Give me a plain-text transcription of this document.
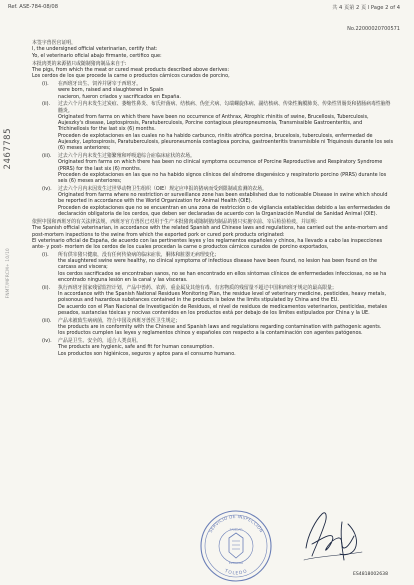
Ref. ASE-784-08/08	共 4 页第 2 页 l Page 2 of 4
No.22000020700571
2467785
FNMT/MFRCM+ 10/10

本签字兽医官证明，

I, the undersigned official veterinarian, certify that:

Yo, el veterinario oficial abajo firmante, certifico que:

本批肉类的来源猪只或随制猪肉制品来自于:

The pigs, from which the meat or cured meat products described above derives:

Los cerdos de los que procede la carne o productos cárnicos curados de porcino,

(i). 在西班牙出生、饲养并屠宰于西班牙。

were born, raised and slaughtered in Spain

nacieron, fueron criados y sacrificados en España.

(ii). 过去六个月内未发生过炭疽、萎缩性鼻炎、布氏杆菌病、结核病、伪狂犬病、勾端螺旋体病、副结核病、传染性胸膜肺炎、传染性胃肠炎和猪肠病毒性脑脊髓炎。

Originated from farms on which there have been no occurrence of Anthrax, Atrophic rhinitis of swine, Brucellosis, Tuberculosis, Aujeszky's disease, Leptospirosis, Paratuberculosis, Porcine contagious pleuropneumonia, Transmissible Gastroenteritis, and Trichinellosis for the last six (6) months.

Proceden de explotaciones en las cuales no ha habido carbunco, rinitis atrófica porcina, brucelosis, tuberculosis, enfermedad de Aujeszky, Leptospirosis, Paratuberculosis, pleuroneumonía contagiosa porcina, gastroenteritis transmisible ni Triquinosis durante los seis (6) meses anteriores;

(iii). 过去六个月内未发生过猪繁殖和呼吸道综合症临床症状的农场。

Originated from farms on which there has been no clinical symptoms occurrence of Porcine Reproductive and Respiratory Syndrome (PRRS) for the last six (6) months.

Proceden de explotaciones en las que no ha habido signos clínicos del síndrome disgenésico y respiratorio porcino (PRRS) durante los seis (6) meses anteriores;

(iv). 过去六个月内未因发生过世界动物卫生组织（OIE）规定应申报的猪病而受到限制或监测的农场。

Originated from farms where no restriction or surveillance zone has been established due to noticeable Disease in swine which should be reported in accordance with the World Organization for Animal Health (OIE).

Proceden de explotaciones que no se encuentran en una zona de restricción o de vigilancia establecidas debido a las enfermedades de declaración obligatoria de los cerdos, que deben ser declaradas de acuerdo con la Organización Mundial de Sanidad Animal (OIE).

依照中国和西班牙的有关法律法规，西班牙官方兽医已对用于生产本批猪肉或随制猪肉制品的猪只实施宰前、宰后检验检疫，并证明：

The Spanish official veterinarian, in accordance with the related Spanish and Chinese laws and regulations, has carried out the ante-mortem and post-mortem inspections to the swine from which the exported pork or cured pork products originated:

El veterinario oficial de España, de acuerdo con las pertinentes leyes y los reglamentos españoles y chinos, ha llevado a cabo las inspecciones ante- y post- mortem de los cerdos de los cuales procedan la carne o productos cárnicos curados de porcino exportados,

(i). 所有供宰猪只健康，没有任何传染病的临床症状，胴体和脏器无病理变化；

the slaughtered swine were healthy, no clinical symptoms of infectious disease have been found, no lesion has been found on the carcass and viscera;

los cerdos sacrificados se encontraban sanos, no se han encontrado en ellos síntomas clínicos de enfermedades infecciosas, no se ha encontrado ninguna lesión en la canal y las vísceras.

(ii). 执行西班牙国家残留监控计划，产品中兽药、农药、重金属及其他有毒、有害物质的残留量不超过中国和西班牙规定的最高限量；

In accordance with the Spanish National Residues Monitoring Plan, the residue level of veterinary medicine, pesticides, heavy metals, poisonous and hazardous substances contained in the products is below the limits stipulated by China and the EU.

De acuerdo con el Plan Nacional de Investigación de Residuos, el nivel de residuos de medicamentos veterinarios, pesticidas, metales pesados, sustancias tóxicas y nocivas contenidos en los productos está por debajo de los límites estipulados por China y la UE.

(iii). 产品未被致生病病菌，符合中国及西班牙兽医卫生规定；

the products are in conformity with the Chinese and Spanish laws and regulations regarding contamination with pathogenic agents.

los productos cumplen las leyes y reglamentos chinos y españoles con respecto a la contaminación con agentes patógenos.

(iv). 产品是卫生、安全的，适合人类食用。

The products are hygienic, safe and fit for human consumption.

Los productos son higiénicos, seguros y aptos para el consumo humano.

SERVICIO DE INSPECCIÓN
SANIDAD
EXTERIOR
TOLEDO	ES4818002638
